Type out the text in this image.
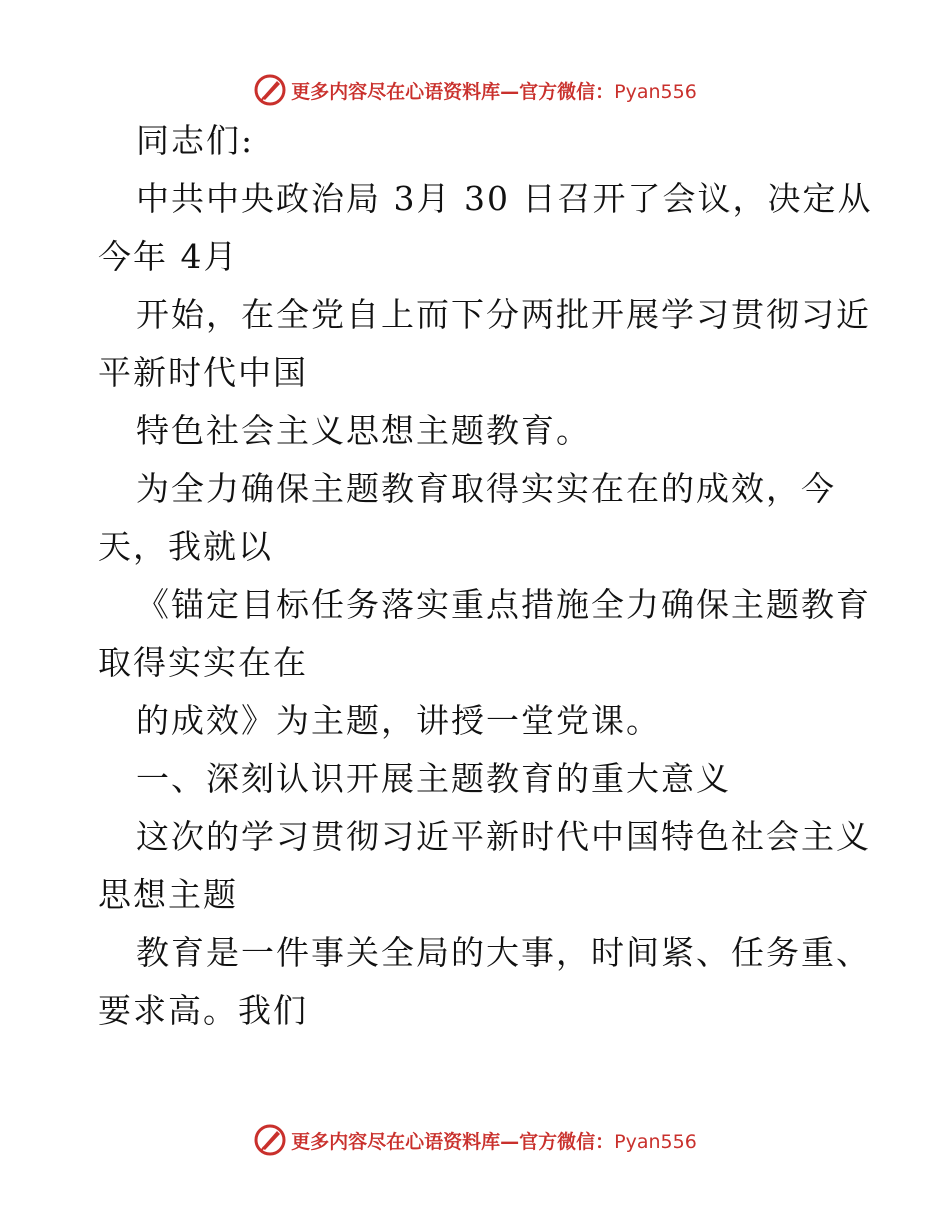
更多内容尽在心语资料库—官方微信：Pyan556

同志们:

中共中央政治局 3月 30 日召开了会议，决定从

今年 4月

开始，在全党自上而下分两批开展学习贯彻习近

平新时代中国

特色社会主义思想主题教育。

为全力确保主题教育取得实实在在的成效，今

天，我就以

《锚定目标任务落实重点措施全力确保主题教育

取得实实在在

的成效》为主题，讲授一堂党课。

一、深刻认识开展主题教育的重大意义

这次的学习贯彻习近平新时代中国特色社会主义

思想主题

教育是一件事关全局的大事，时间紧、任务重、

要求高。我们

更多内容尽在心语资料库—官方微信：Pyan556
